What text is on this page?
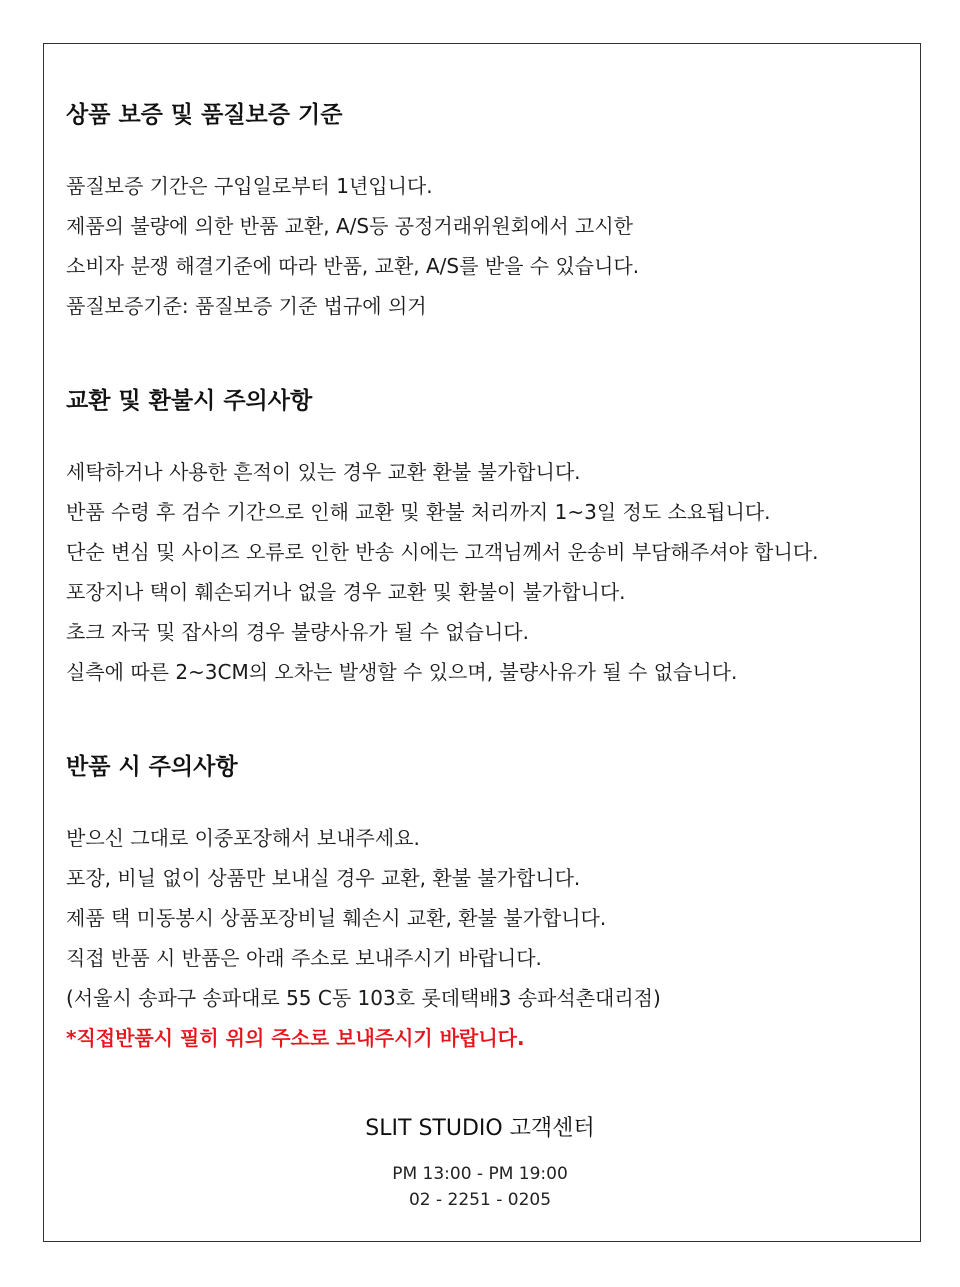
상품 보증 및 품질보증 기준
품질보증 기간은 구입일로부터 1년입니다.
제품의 불량에 의한 반품 교환, A/S등 공정거래위원회에서 고시한
소비자 분쟁 해결기준에 따라 반품, 교환, A/S를 받을 수 있습니다.
품질보증기준: 품질보증 기준 법규에 의거
교환 및 환불시 주의사항
세탁하거나 사용한 흔적이 있는 경우 교환 환불 불가합니다.
반품 수령 후 검수 기간으로 인해 교환 및 환불 처리까지 1~3일 정도 소요됩니다.
단순 변심 및 사이즈 오류로 인한 반송 시에는 고객님께서 운송비 부담해주셔야 합니다.
포장지나 택이 훼손되거나 없을 경우 교환 및 환불이 불가합니다.
초크 자국 및 잡사의 경우 불량사유가 될 수 없습니다.
실측에 따른 2~3CM의 오차는 발생할 수 있으며, 불량사유가 될 수 없습니다.
반품 시 주의사항
받으신 그대로 이중포장해서 보내주세요.
포장, 비닐 없이 상품만 보내실 경우 교환, 환불 불가합니다.
제품 택 미동봉시 상품포장비닐 훼손시 교환, 환불 불가합니다.
직접 반품 시 반품은 아래 주소로 보내주시기 바랍니다.
(서울시 송파구 송파대로 55 C동 103호 롯데택배3 송파석촌대리점)
*직접반품시 필히 위의 주소로 보내주시기 바랍니다.
SLIT STUDIO 고객센터
PM 13:00 - PM 19:00
02 - 2251 - 0205
